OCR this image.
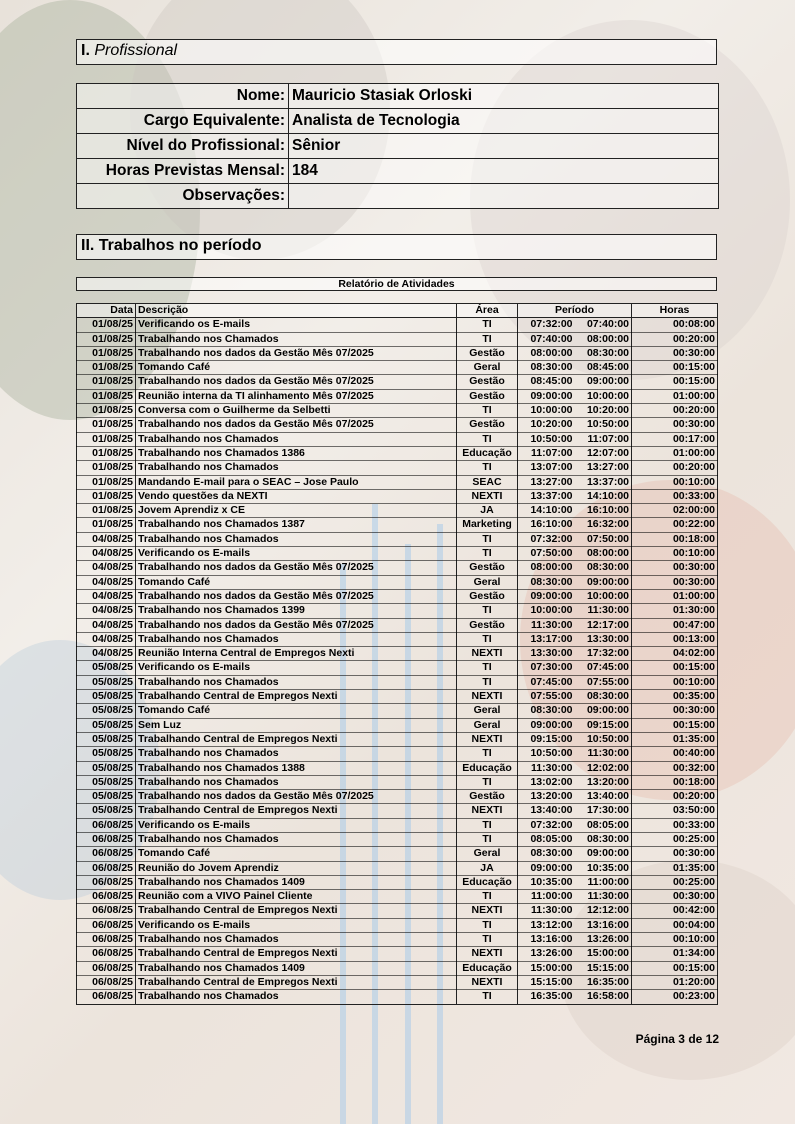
I. Profissional
Nome:	Mauricio Stasiak Orloski
Cargo Equivalente:	Analista de Tecnologia
Nível do Profissional:	Sênior
Horas Previstas Mensal:	184
Observações:	
II. Trabalhos no período
Relatório de Atividades
Data	Descrição	Área	Período		Horas
01/08/25	Verificando os E-mails	TI	07:32:00	07:40:00	00:08:00
01/08/25	Trabalhando nos Chamados	TI	07:40:00	08:00:00	00:20:00
01/08/25	Trabalhando nos dados da Gestão Mês 07/2025	Gestão	08:00:00	08:30:00	00:30:00
01/08/25	Tomando Café	Geral	08:30:00	08:45:00	00:15:00
01/08/25	Trabalhando nos dados da Gestão Mês 07/2025	Gestão	08:45:00	09:00:00	00:15:00
01/08/25	Reunião interna da TI alinhamento Mês 07/2025	Gestão	09:00:00	10:00:00	01:00:00
01/08/25	Conversa com o Guilherme da Selbetti	TI	10:00:00	10:20:00	00:20:00
01/08/25	Trabalhando nos dados da Gestão Mês 07/2025	Gestão	10:20:00	10:50:00	00:30:00
01/08/25	Trabalhando nos Chamados	TI	10:50:00	11:07:00	00:17:00
01/08/25	Trabalhando nos Chamados 1386	Educação	11:07:00	12:07:00	01:00:00
01/08/25	Trabalhando nos Chamados	TI	13:07:00	13:27:00	00:20:00
01/08/25	Mandando E-mail para o SEAC – Jose Paulo	SEAC	13:27:00	13:37:00	00:10:00
01/08/25	Vendo questões da NEXTI	NEXTI	13:37:00	14:10:00	00:33:00
01/08/25	Jovem Aprendiz x CE	JA	14:10:00	16:10:00	02:00:00
01/08/25	Trabalhando nos Chamados 1387	Marketing	16:10:00	16:32:00	00:22:00
04/08/25	Trabalhando nos Chamados	TI	07:32:00	07:50:00	00:18:00
04/08/25	Verificando os E-mails	TI	07:50:00	08:00:00	00:10:00
04/08/25	Trabalhando nos dados da Gestão Mês 07/2025	Gestão	08:00:00	08:30:00	00:30:00
04/08/25	Tomando Café	Geral	08:30:00	09:00:00	00:30:00
04/08/25	Trabalhando nos dados da Gestão Mês 07/2025	Gestão	09:00:00	10:00:00	01:00:00
04/08/25	Trabalhando nos Chamados 1399	TI	10:00:00	11:30:00	01:30:00
04/08/25	Trabalhando nos dados da Gestão Mês 07/2025	Gestão	11:30:00	12:17:00	00:47:00
04/08/25	Trabalhando nos Chamados	TI	13:17:00	13:30:00	00:13:00
04/08/25	Reunião Interna Central de Empregos Nexti	NEXTI	13:30:00	17:32:00	04:02:00
05/08/25	Verificando os E-mails	TI	07:30:00	07:45:00	00:15:00
05/08/25	Trabalhando nos Chamados	TI	07:45:00	07:55:00	00:10:00
05/08/25	Trabalhando Central de Empregos Nexti	NEXTI	07:55:00	08:30:00	00:35:00
05/08/25	Tomando Café	Geral	08:30:00	09:00:00	00:30:00
05/08/25	Sem Luz	Geral	09:00:00	09:15:00	00:15:00
05/08/25	Trabalhando Central de Empregos Nexti	NEXTI	09:15:00	10:50:00	01:35:00
05/08/25	Trabalhando nos Chamados	TI	10:50:00	11:30:00	00:40:00
05/08/25	Trabalhando nos Chamados 1388	Educação	11:30:00	12:02:00	00:32:00
05/08/25	Trabalhando nos Chamados	TI	13:02:00	13:20:00	00:18:00
05/08/25	Trabalhando nos dados da Gestão Mês 07/2025	Gestão	13:20:00	13:40:00	00:20:00
05/08/25	Trabalhando Central de Empregos Nexti	NEXTI	13:40:00	17:30:00	03:50:00
06/08/25	Verificando os E-mails	TI	07:32:00	08:05:00	00:33:00
06/08/25	Trabalhando nos Chamados	TI	08:05:00	08:30:00	00:25:00
06/08/25	Tomando Café	Geral	08:30:00	09:00:00	00:30:00
06/08/25	Reunião do Jovem Aprendiz	JA	09:00:00	10:35:00	01:35:00
06/08/25	Trabalhando nos Chamados 1409	Educação	10:35:00	11:00:00	00:25:00
06/08/25	Reunião com a VIVO Painel Cliente	TI	11:00:00	11:30:00	00:30:00
06/08/25	Trabalhando Central de Empregos Nexti	NEXTI	11:30:00	12:12:00	00:42:00
06/08/25	Verificando os E-mails	TI	13:12:00	13:16:00	00:04:00
06/08/25	Trabalhando nos Chamados	TI	13:16:00	13:26:00	00:10:00
06/08/25	Trabalhando Central de Empregos Nexti	NEXTI	13:26:00	15:00:00	01:34:00
06/08/25	Trabalhando nos Chamados 1409	Educação	15:00:00	15:15:00	00:15:00
06/08/25	Trabalhando Central de Empregos Nexti	NEXTI	15:15:00	16:35:00	01:20:00
06/08/25	Trabalhando nos Chamados	TI	16:35:00	16:58:00	00:23:00
Página 3 de 12
